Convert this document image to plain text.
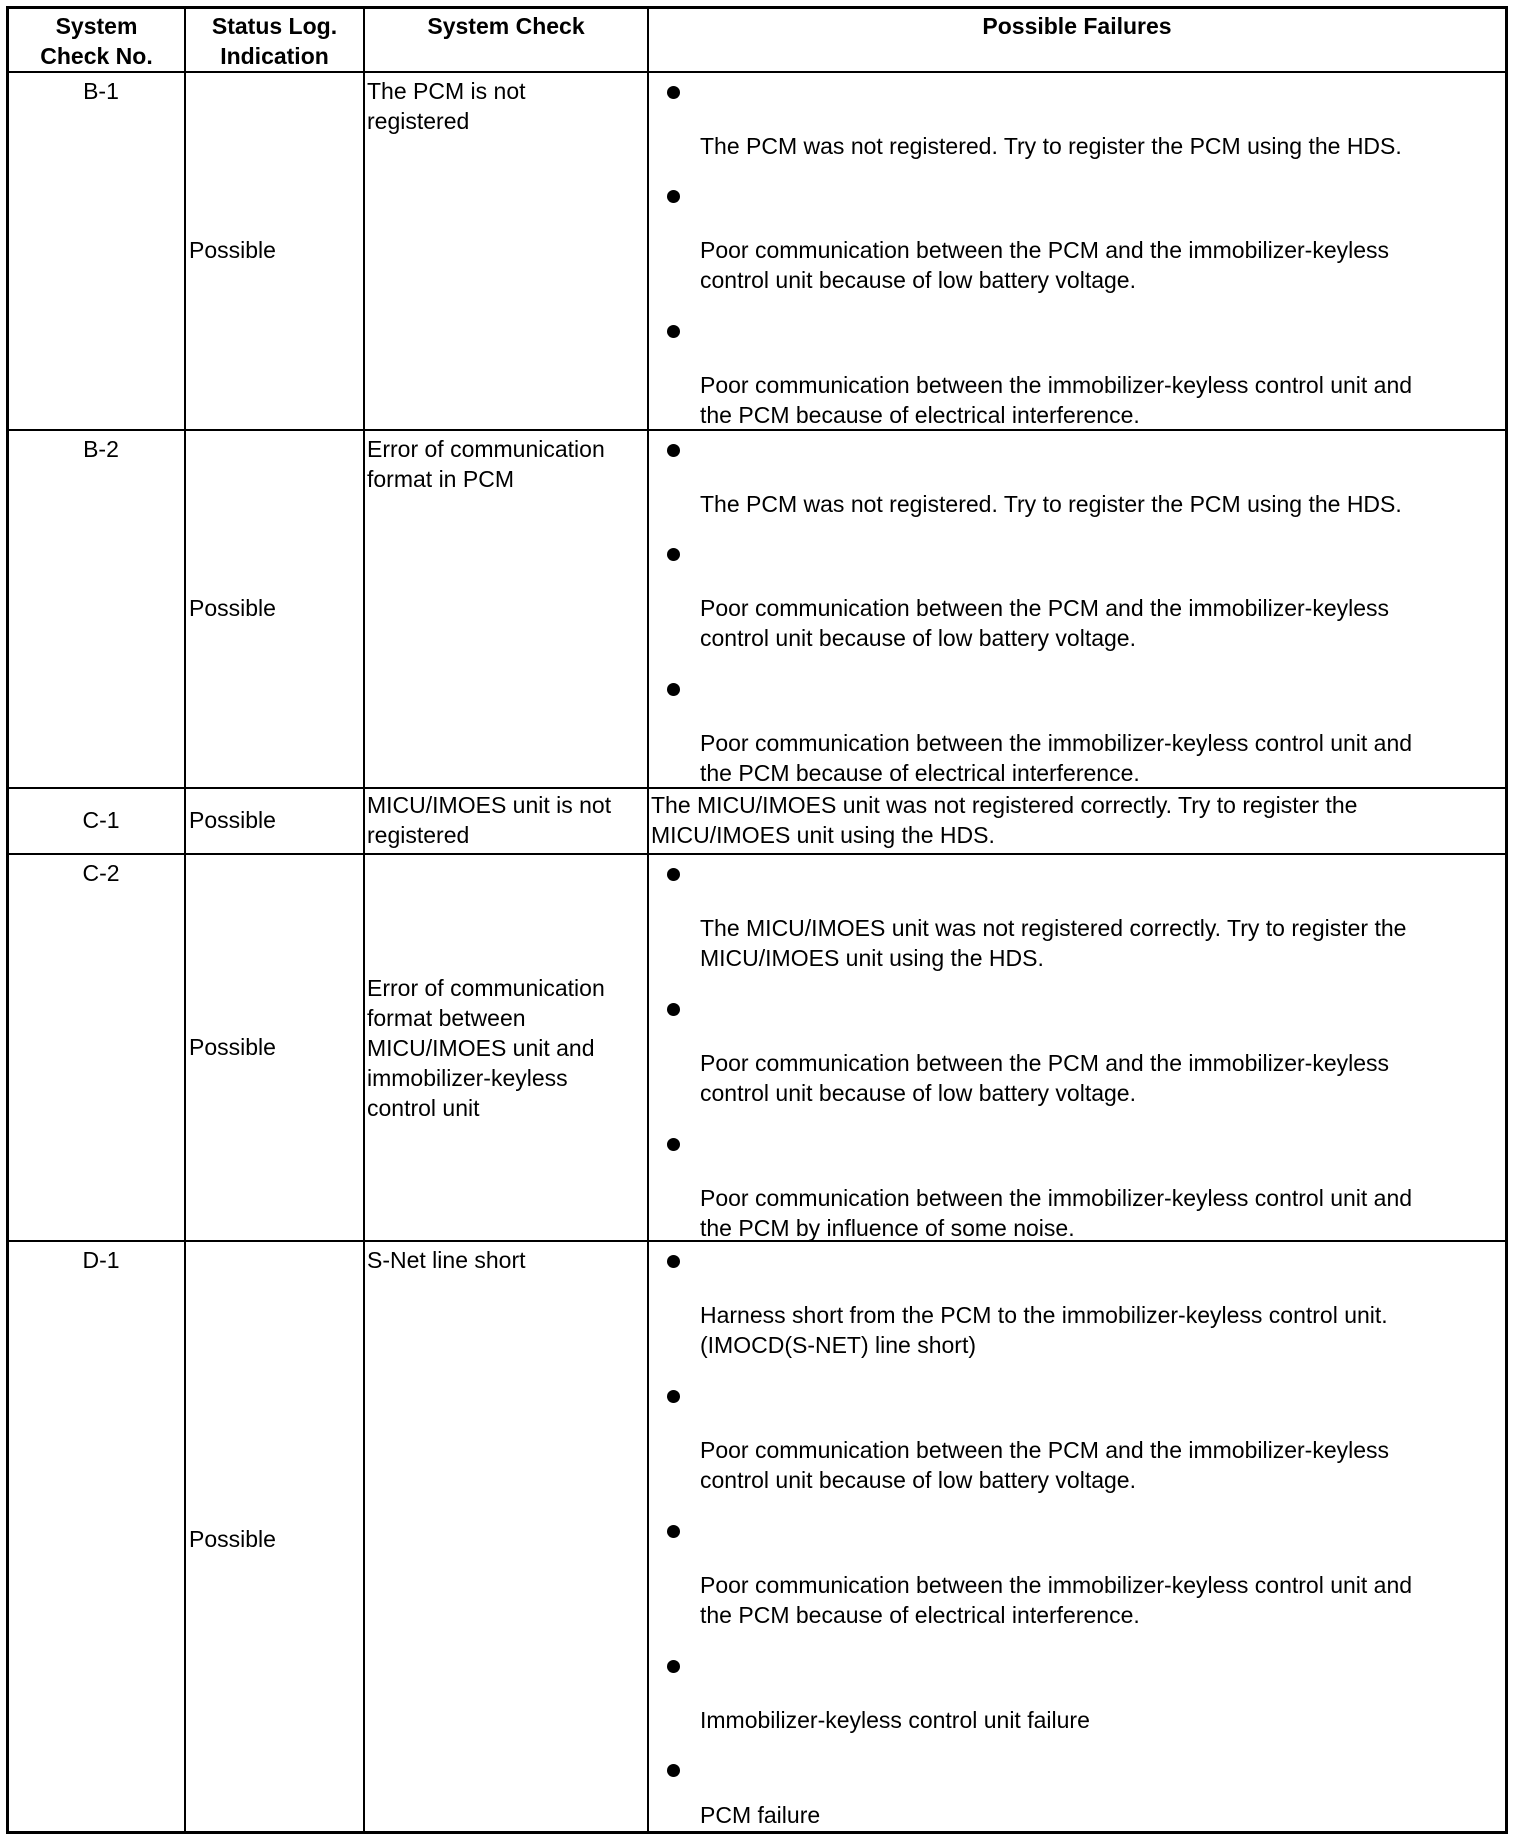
System
Check No.
Status Log.
Indication
System Check	Possible Failures
B-1
Possible
The PCM is not
registered
The PCM was not registered. Try to register the PCM using the HDS.
Poor communication between the PCM and the immobilizer-keyless
control unit because of low battery voltage.
Poor communication between the immobilizer-keyless control unit and
the PCM because of electrical interference.
B-2
Possible
Error of communication
format in PCM
The PCM was not registered. Try to register the PCM using the HDS.
Poor communication between the PCM and the immobilizer-keyless
control unit because of low battery voltage.
Poor communication between the immobilizer-keyless control unit and
the PCM because of electrical interference.
C-1	Possible
MICU/IMOES unit is not
registered
The MICU/IMOES unit was not registered correctly. Try to register the
MICU/IMOES unit using the HDS.
C-2
Possible
Error of communication
format between
MICU/IMOES unit and
immobilizer-keyless
control unit
The MICU/IMOES unit was not registered correctly. Try to register the
MICU/IMOES unit using the HDS.
Poor communication between the PCM and the immobilizer-keyless
control unit because of low battery voltage.
Poor communication between the immobilizer-keyless control unit and
the PCM by influence of some noise.
D-1
Possible
S-Net line short
Harness short from the PCM to the immobilizer-keyless control unit.
(IMOCD(S-NET) line short)
Poor communication between the PCM and the immobilizer-keyless
control unit because of low battery voltage.
Poor communication between the immobilizer-keyless control unit and
the PCM because of electrical interference.
Immobilizer-keyless control unit failure
PCM failure
